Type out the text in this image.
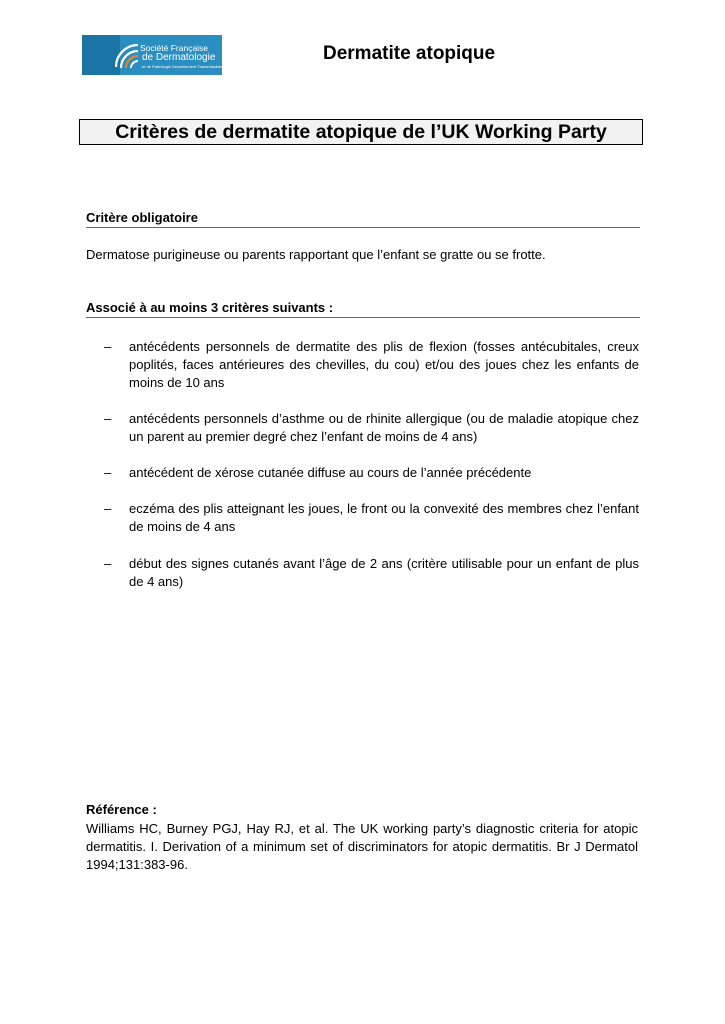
Société Française
de Dermatologie
et de Pathologie Sexuellement Transmissible
Dermatite atopique
Critères de dermatite atopique de l’UK Working Party
Critère obligatoire
Dermatose purigineuse ou parents rapportant que l’enfant se gratte ou se frotte.
Associé à au moins 3 critères suivants :
– antécédents personnels de dermatite des plis de flexion (fosses antécubitales, creux poplités, faces antérieures des chevilles, du cou) et/ou des joues chez les enfants de moins de 10 ans
– antécédents personnels d’asthme ou de rhinite allergique (ou de maladie atopique chez un parent au premier degré chez l’enfant de moins de 4 ans)
– antécédent de xérose cutanée diffuse au cours de l’année précédente
– eczéma des plis atteignant les joues, le front ou la convexité des membres chez l’enfant de moins de 4 ans
– début des signes cutanés avant l’âge de 2 ans (critère utilisable pour un enfant de plus de 4 ans)
Référence :
Williams HC, Burney PGJ, Hay RJ, et al. The UK working party’s diagnostic criteria for atopic dermatitis. I. Derivation of a minimum set of discriminators for atopic dermatitis. Br J Dermatol 1994;131:383-96.
